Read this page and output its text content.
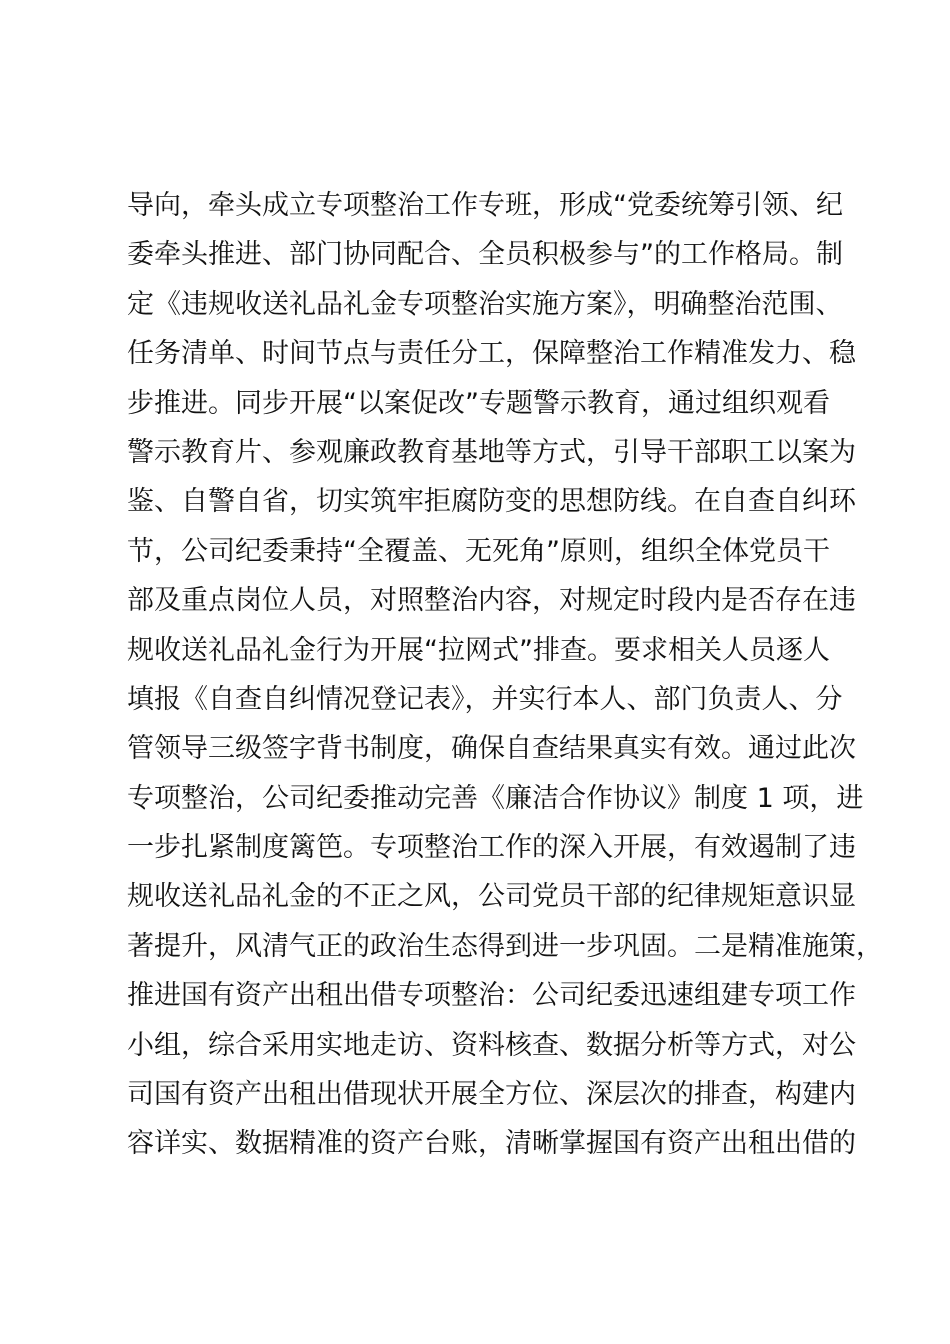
导向，牵头成立专项整治工作专班，形成“党委统筹引领、纪
委牵头推进、部门协同配合、全员积极参与”的工作格局。制
定《违规收送礼品礼金专项整治实施方案》，明确整治范围、
任务清单、时间节点与责任分工，保障整治工作精准发力、稳
步推进。同步开展“以案促改”专题警示教育，通过组织观看
警示教育片、参观廉政教育基地等方式，引导干部职工以案为
鉴、自警自省，切实筑牢拒腐防变的思想防线。在自查自纠环
节，公司纪委秉持“全覆盖、无死角”原则，组织全体党员干
部及重点岗位人员，对照整治内容，对规定时段内是否存在违
规收送礼品礼金行为开展“拉网式”排查。要求相关人员逐人
填报《自查自纠情况登记表》，并实行本人、部门负责人、分
管领导三级签字背书制度，确保自查结果真实有效。通过此次
专项整治，公司纪委推动完善《廉洁合作协议》制度 1 项，进
一步扎紧制度篱笆。专项整治工作的深入开展，有效遏制了违
规收送礼品礼金的不正之风，公司党员干部的纪律规矩意识显
著提升，风清气正的政治生态得到进一步巩固。二是精准施策，
推进国有资产出租出借专项整治：公司纪委迅速组建专项工作
小组，综合采用实地走访、资料核查、数据分析等方式，对公
司国有资产出租出借现状开展全方位、深层次的排查，构建内
容详实、数据精准的资产台账，清晰掌握国有资产出租出借的
